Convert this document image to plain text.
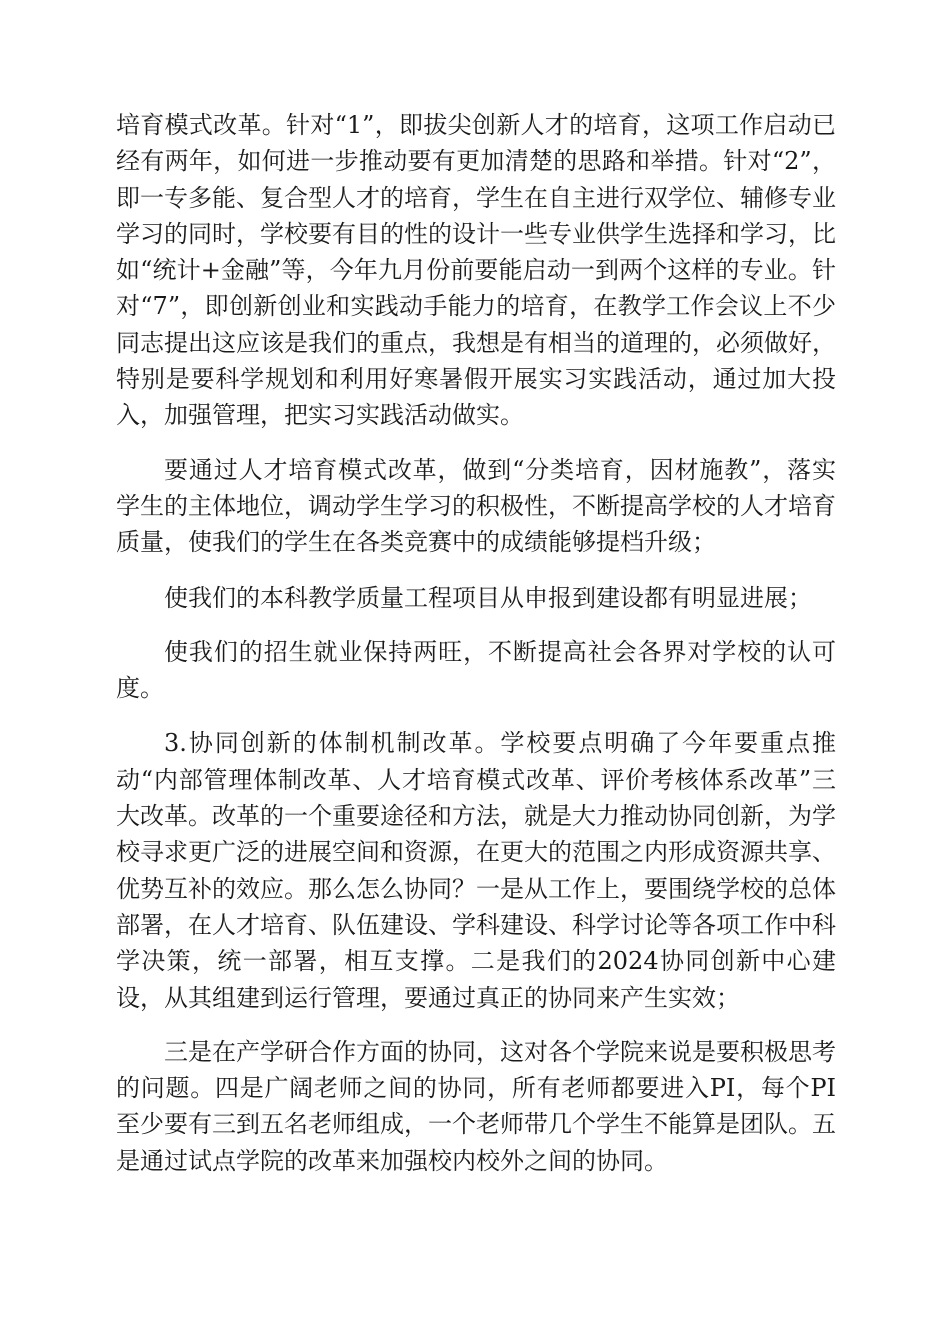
培育模式改革。针对“1”，即拔尖创新人才的培育，这项工作启动已经有两年，如何进一步推动要有更加清楚的思路和举措。针对“2”，即一专多能、复合型人才的培育，学生在自主进行双学位、辅修专业学习的同时，学校要有目的性的设计一些专业供学生选择和学习，比如“统计+金融”等，今年九月份前要能启动一到两个这样的专业。针对“7”，即创新创业和实践动手能力的培育，在教学工作会议上不少同志提出这应该是我们的重点，我想是有相当的道理的，必须做好，特别是要科学规划和利用好寒暑假开展实习实践活动，通过加大投入，加强管理，把实习实践活动做实。

要通过人才培育模式改革，做到“分类培育，因材施教”，落实学生的主体地位，调动学生学习的积极性，不断提高学校的人才培育质量，使我们的学生在各类竞赛中的成绩能够提档升级；

使我们的本科教学质量工程项目从申报到建设都有明显进展；

使我们的招生就业保持两旺，不断提高社会各界对学校的认可度。

3.协同创新的体制机制改革。学校要点明确了今年要重点推动“内部管理体制改革、人才培育模式改革、评价考核体系改革”三大改革。改革的一个重要途径和方法，就是大力推动协同创新，为学校寻求更广泛的进展空间和资源，在更大的范围之内形成资源共享、优势互补的效应。那么怎么协同？一是从工作上，要围绕学校的总体部署，在人才培育、队伍建设、学科建设、科学讨论等各项工作中科学决策，统一部署，相互支撑。二是我们的2024协同创新中心建设，从其组建到运行管理，要通过真正的协同来产生实效；

三是在产学研合作方面的协同，这对各个学院来说是要积极思考的问题。四是广阔老师之间的协同，所有老师都要进入PI，每个PI至少要有三到五名老师组成，一个老师带几个学生不能算是团队。五是通过试点学院的改革来加强校内校外之间的协同。
